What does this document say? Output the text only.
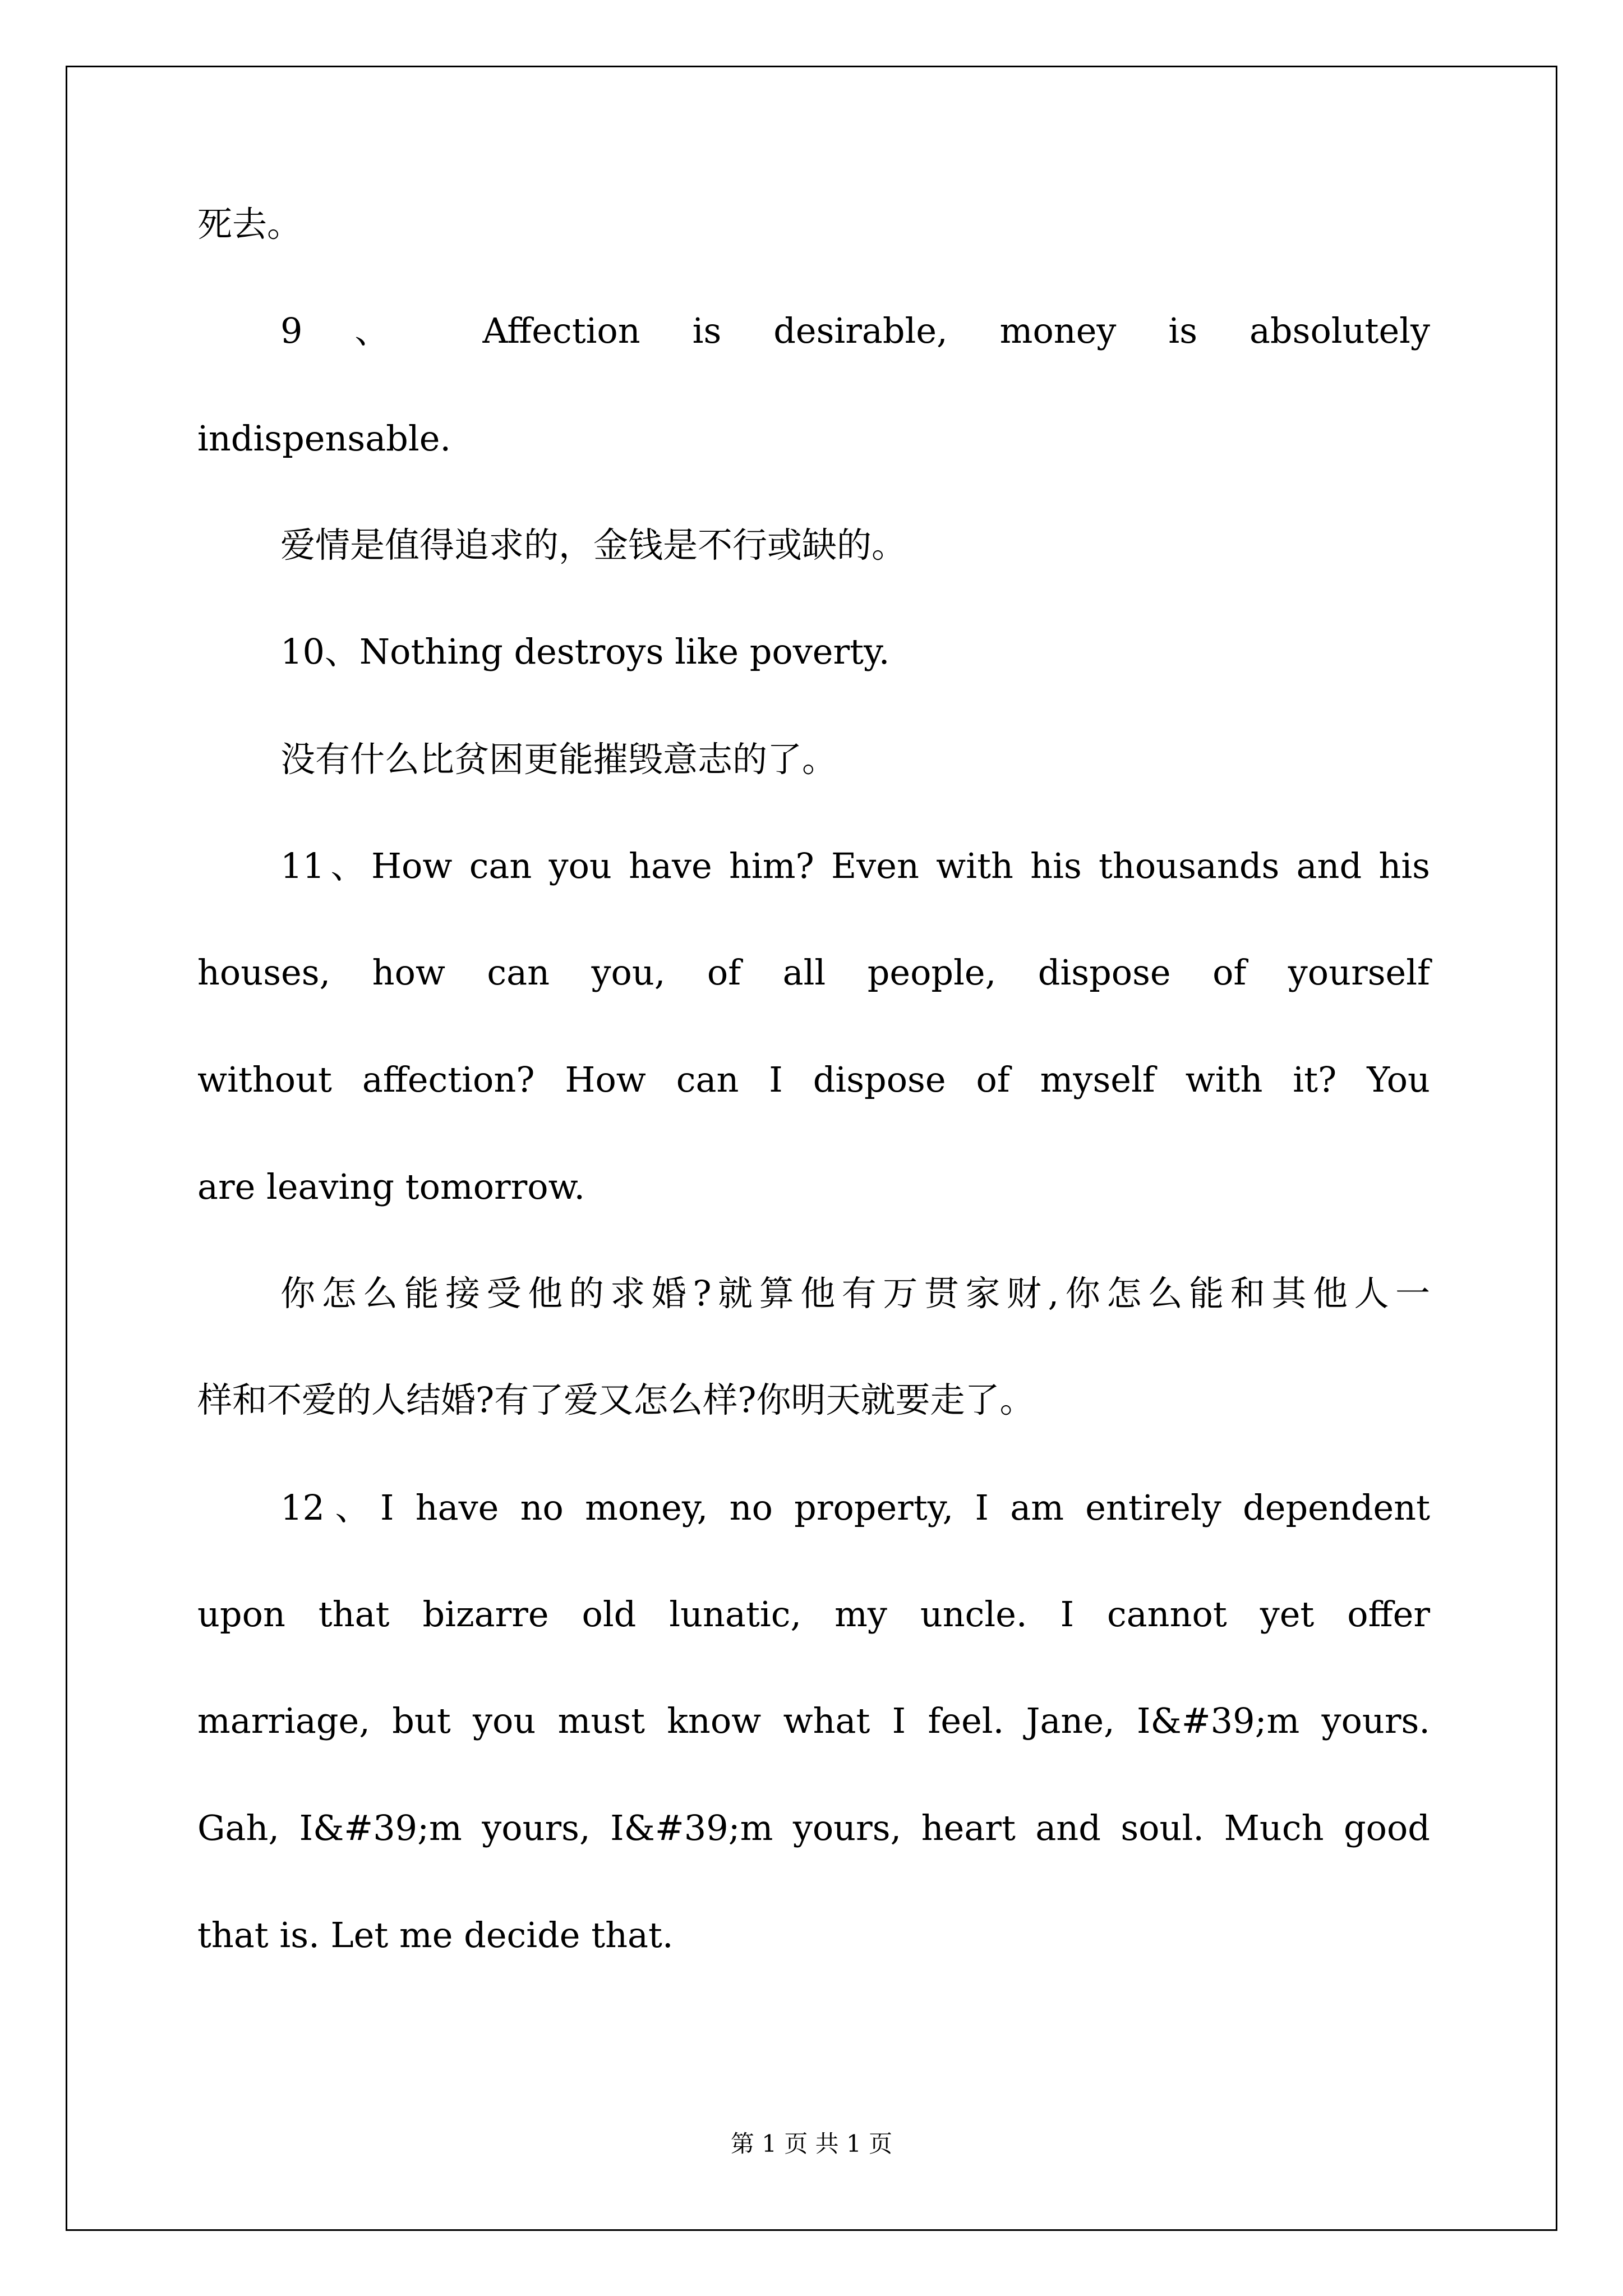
死去。
9 、 Affection is desirable, money is absolutely
indispensable.
爱情是值得追求的，金钱是不行或缺的。
10、Nothing destroys like poverty.
没有什么比贫困更能摧毁意志的了。
11、How can you have him? Even with his thousands and his
houses, how can you, of all people, dispose of yourself
without affection? How can I dispose of myself with it? You
are leaving tomorrow.
你怎么能接受他的求婚?就算他有万贯家财,你怎么能和其他人一
样和不爱的人结婚?有了爱又怎么样?你明天就要走了。
12、I have no money, no property, I am entirely dependent
upon that bizarre old lunatic, my uncle. I cannot yet offer
marriage, but you must know what I feel. Jane, I&#39;m yours.
Gah, I&#39;m yours, I&#39;m yours, heart and soul. Much good
that is. Let me decide that.
第 1 页 共 1 页
